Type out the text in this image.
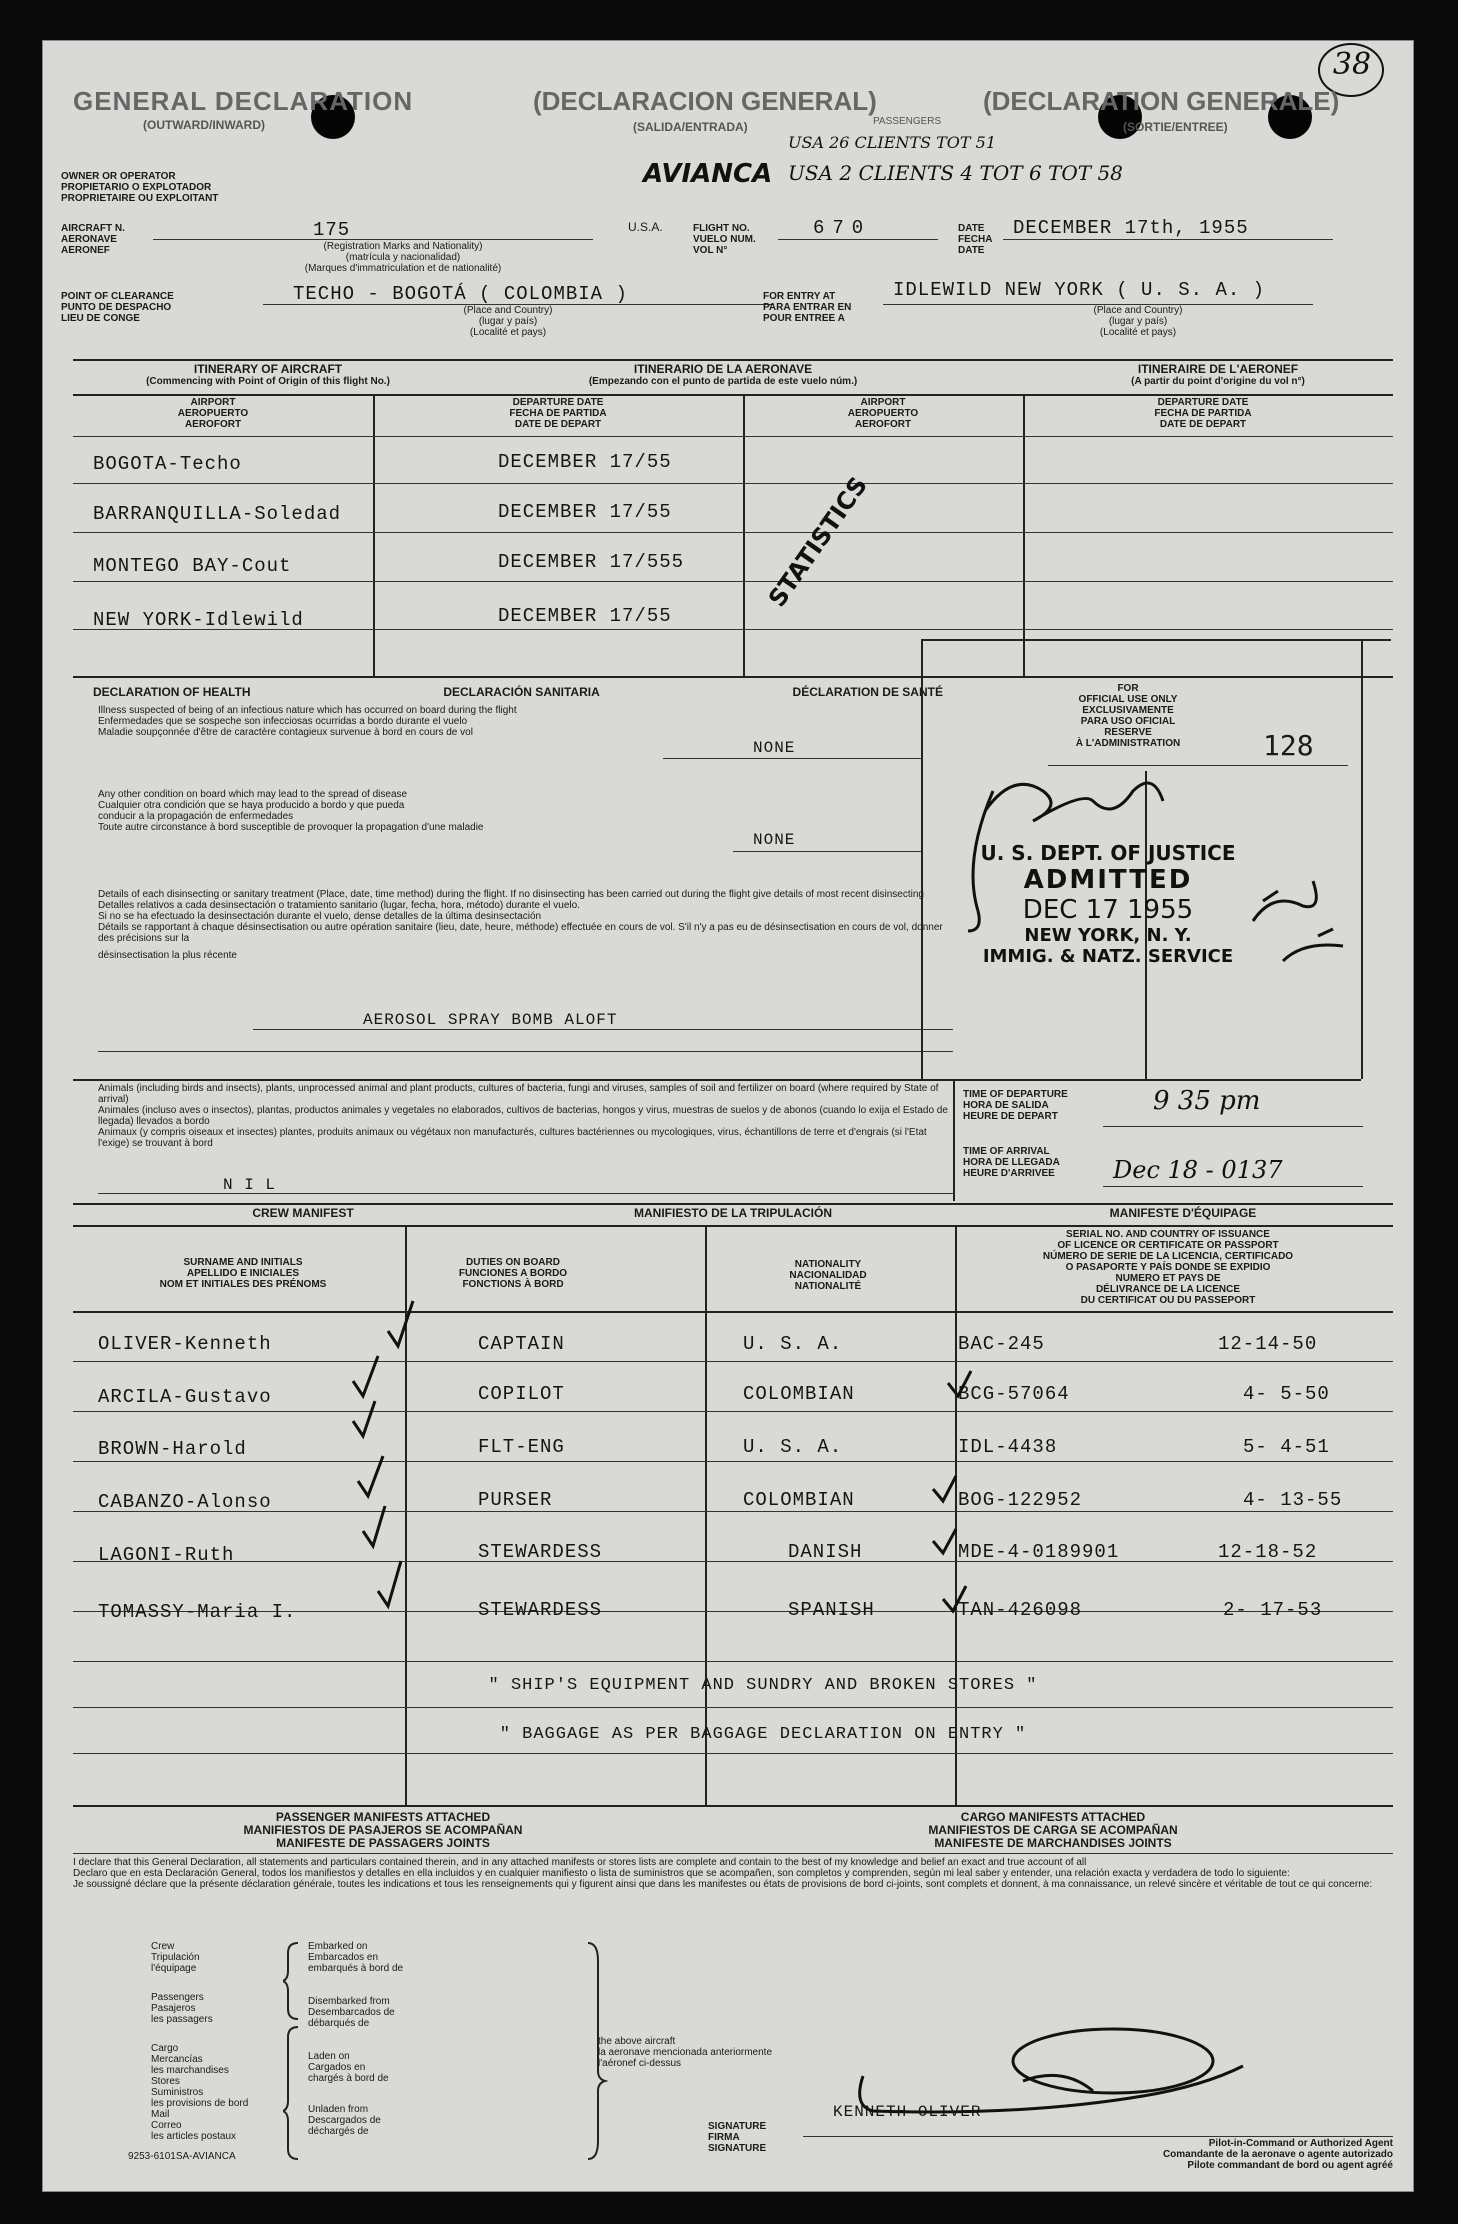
38
GENERAL DECLARATION
(OUTWARD/INWARD)
(DECLARACION GENERAL)
(SALIDA/ENTRADA)
(DECLARATION GENERALE)
(SORTIE/ENTREE)
PASSENGERS
USA 26 CLIENTS TOT 51
USA 2 CLIENTS 4 TOT 6 TOT 58
OWNER OR OPERATOR
PROPIETARIO O EXPLOTADOR
PROPRIETAIRE OU EXPLOITANT
AVIANCA
AIRCRAFT N.
AERONAVE
AERONEF
175
(Registration Marks and Nationality)
(matrícula y nacionalidad)
(Marques d'immatriculation et de nationalité)
U.S.A.	FLIGHT NO.
VUELO NUM.
VOL N°
670	DATE
FECHA
DATE
DECEMBER 17th, 1955
POINT OF CLEARANCE
PUNTO DE DESPACHO
LIEU DE CONGE
TECHO - BOGOTÁ ( COLOMBIA )
(Place and Country)
(lugar y país)
(Localité et pays)
FOR ENTRY AT
PARA ENTRAR EN
POUR ENTREE A
IDLEWILD NEW YORK ( U. S. A. )
(Place and Country)
(lugar y país)
(Localité et pays)
ITINERARY OF AIRCRAFT
(Commencing with Point of Origin of this flight No.)
ITINERARIO DE LA AERONAVE
(Empezando con el punto de partida de este vuelo núm.)
ITINERAIRE DE L'AERONEF
(A partir du point d'origine du vol n°)
AIRPORT
AEROPUERTO
AEROFORT
DEPARTURE DATE
FECHA DE PARTIDA
DATE DE DEPART
AIRPORT
AEROPUERTO
AEROFORT
DEPARTURE DATE
FECHA DE PARTIDA
DATE DE DEPART
BOGOTA-Techo	DECEMBER 17/55
BARRANQUILLA-Soledad	DECEMBER 17/55
MONTEGO BAY-Cout	DECEMBER 17/555
NEW YORK-Idlewild	DECEMBER 17/55
STATISTICS
DECLARATION OF HEALTH	DECLARACIÓN SANITARIA	DÉCLARATION DE SANTÉ
Illness suspected of being of an infectious nature which has occurred on board during the flight
Enfermedades que se sospeche son infecciosas ocurridas a bordo durante el vuelo
Maladie soupçonnée d'être de caractère contagieux survenue à bord en cours de vol
NONE
Any other condition on board which may lead to the spread of disease
Cualquier otra condición que se haya producido a bordo y que pueda
conducir a la propagación de enfermedades
Toute autre circonstance à bord susceptible de provoquer la propagation d'une maladie
NONE
Details of each disinsecting or sanitary treatment (Place, date, time method) during the flight. If no disinsecting has been carried out during the flight give details of most recent disinsecting
Detalles relativos a cada desinsectación o tratamiento sanitario (lugar, fecha, hora, método) durante el vuelo.
Si no se ha efectuado la desinsectación durante el vuelo, dense detalles de la última desinsectación
Détails se rapportant à chaque désinsectisation ou autre opération sanitaire (lieu, date, heure, méthode) effectuée en cours de vol. S'il n'y a pas eu de désinsectisation en cours de vol, donner des précisions sur la
désinsectisation la plus récente
AEROSOL SPRAY BOMB ALOFT
FOR
OFFICIAL USE ONLY
EXCLUSIVAMENTE
PARA USO OFICIAL
RESERVE
À L'ADMINISTRATION	128
U. S. DEPT. OF JUSTICE
ADMITTED
DEC 17 1955
NEW YORK, N. Y.
IMMIG. & NATZ. SERVICE
Animals (including birds and insects), plants, unprocessed animal and plant products, cultures of bacteria, fungi and viruses, samples of soil and fertilizer on board (where required by State of arrival)
Animales (incluso aves o insectos), plantas, productos animales y vegetales no elaborados, cultivos de bacterias, hongos y virus, muestras de suelos y de abonos (cuando lo exija el Estado de llegada) llevados a bordo
Animaux (y compris oiseaux et insectes) plantes, produits animaux ou végétaux non manufacturés, cultures bactériennes ou mycologiques, virus, échantillons de terre et d'engrais (si l'Etat l'exige) se trouvant à bord
N I L
TIME OF DEPARTURE
HORA DE SALIDA
HEURE DE DEPART
9 35 pm
TIME OF ARRIVAL
HORA DE LLEGADA
HEURE D'ARRIVEE Dec 18 - 0137
CREW MANIFEST	MANIFIESTO DE LA TRIPULACIÓN	MANIFESTE D'ÉQUIPAGE
SURNAME AND INITIALS
APELLIDO E INICIALES
NOM ET INITIALES DES PRÉNOMS
DUTIES ON BOARD
FUNCIONES A BORDO
FONCTIONS À BORD
NATIONALITY
NACIONALIDAD
NATIONALITÉ
SERIAL NO. AND COUNTRY OF ISSUANCE
OF LICENCE OR CERTIFICATE OR PASSPORT
NÚMERO DE SERIE DE LA LICENCIA, CERTIFICADO
O PASAPORTE Y PAÍS DONDE SE EXPIDIO
NUMERO ET PAYS DE
DÉLIVRANCE DE LA LICENCE
DU CERTIFICAT OU DU PASSEPORT
OLIVER-Kenneth	CAPTAIN	U. S. A.	BAC-245	12-14-50
ARCILA-Gustavo	COPILOT	COLOMBIAN	BCG-57064	4- 5-50
BROWN-Harold	FLT-ENG	U. S. A.	IDL-4438	5- 4-51
CABANZO-Alonso	PURSER	COLOMBIAN	BOG-122952	4- 13-55
LAGONI-Ruth	STEWARDESS	DANISH	MDE-4-0189901	12-18-52
TOMASSY-Maria I.	STEWARDESS	SPANISH	TAN-426098	2- 17-53
" SHIP'S EQUIPMENT AND SUNDRY AND BROKEN STORES "
" BAGGAGE AS PER BAGGAGE DECLARATION ON ENTRY "
PASSENGER MANIFESTS ATTACHED
MANIFIESTOS DE PASAJEROS SE ACOMPAÑAN
MANIFESTE DE PASSAGERS JOINTS
CARGO MANIFESTS ATTACHED
MANIFIESTOS DE CARGA SE ACOMPAÑAN
MANIFESTE DE MARCHANDISES JOINTS
I declare that this General Declaration, all statements and particulars contained therein, and in any attached manifests or stores lists are complete and contain to the best of my knowledge and belief an exact and true account of all
Declaro que en esta Declaración General, todos los manifiestos y detalles en ella incluidos y en cualquier manifiesto o lista de suministros que se acompañen, son completos y comprenden, según mi leal saber y entender, una relación exacta y verdadera de todo lo siguiente:
Je soussigné déclare que la présente déclaration générale, toutes les indications et tous les renseignements qui y figurent ainsi que dans les manifestes ou états de provisions de bord ci-joints, sont complets et donnent, à ma connaissance, un relevé sincère et véritable de tout ce qui concerne:
Crew
Tripulación
l'équipage
Passengers
Pasajeros
les passagers
Cargo
Mercancías
les marchandises
Stores
Suministros
les provisions de bord
Mail
Correo
les articles postaux
Embarked on
Embarcados en
embarqués à bord de
Disembarked from
Desembarcados de
débarqués de
Laden on
Cargados en
chargés à bord de
Unladen from
Descargados de
déchargés de
the above aircraft
la aeronave mencionada anteriormente
l'aéronef ci-dessus
SIGNATURE
FIRMA
SIGNATURE
KENNETH OLIVER
Pilot-in-Command or Authorized Agent
Comandante de la aeronave o agente autorizado
Pilote commandant de bord ou agent agréé
9253-6101SA-AVIANCA
